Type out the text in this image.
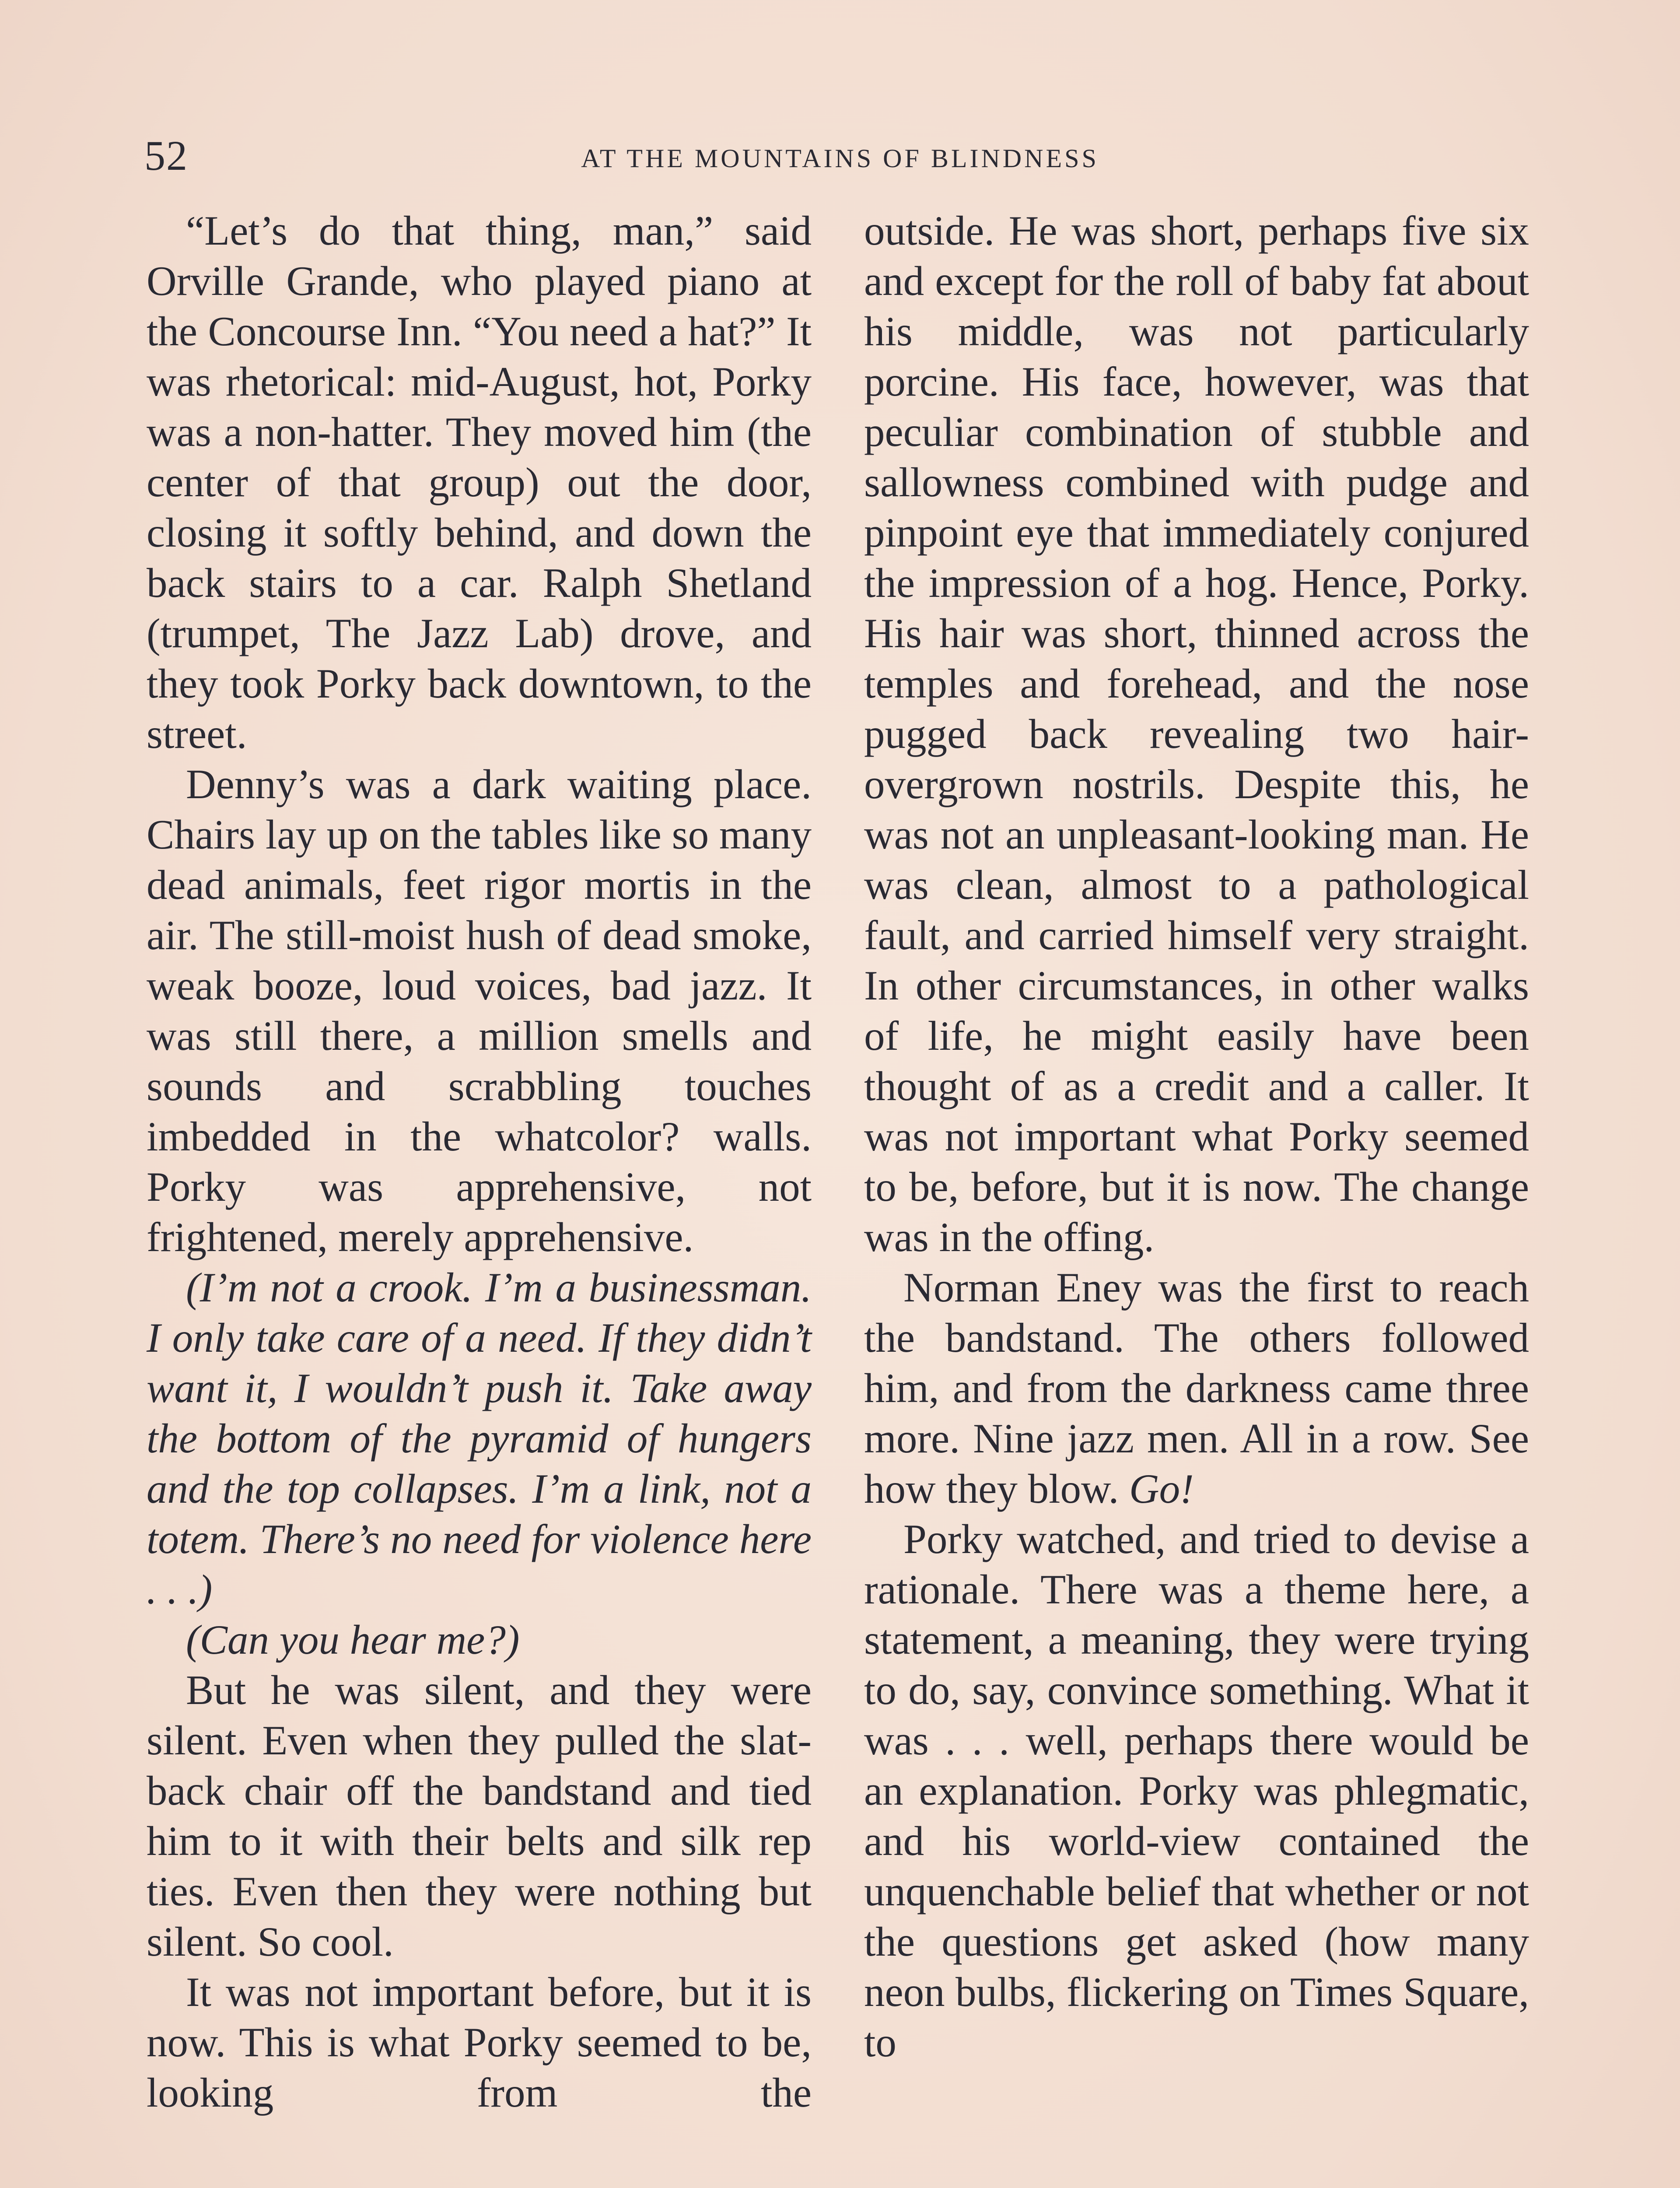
52	AT THE MOUNTAINS OF BLINDNESS

“Let’s do that thing, man,” said Orville Grande, who played piano at the Concourse Inn. “You need a hat?” It was rhetorical: mid-August, hot, Porky was a non-hatter. They moved him (the center of that group) out the door, closing it softly behind, and down the back stairs to a car. Ralph Shetland (trumpet, The Jazz Lab) drove, and they took Porky back downtown, to the street.

Denny’s was a dark waiting place. Chairs lay up on the tables like so many dead animals, feet rigor mortis in the air. The still-moist hush of dead smoke, weak booze, loud voices, bad jazz. It was still there, a million smells and sounds and scrabbling touches imbedded in the whatcolor? walls. Porky was apprehensive, not frightened, merely apprehensive.

(I’m not a crook. I’m a businessman. I only take care of a need. If they didn’t want it, I wouldn’t push it. Take away the bottom of the pyramid of hungers and the top collapses. I’m a link, not a totem. There’s no need for violence here . . .)

(Can you hear me?)

But he was silent, and they were silent. Even when they pulled the slat-back chair off the bandstand and tied him to it with their belts and silk rep ties. Even then they were nothing but silent. So cool.

It was not important before, but it is now. This is what Porky seemed to be, looking from the

outside. He was short, perhaps five six and except for the roll of baby fat about his middle, was not particularly porcine. His face, however, was that peculiar combination of stubble and sallowness combined with pudge and pinpoint eye that immediately conjured the impression of a hog. Hence, Porky. His hair was short, thinned across the temples and forehead, and the nose pugged back revealing two hair-overgrown nostrils. Despite this, he was not an unpleasant-looking man. He was clean, almost to a pathological fault, and carried himself very straight. In other circumstances, in other walks of life, he might easily have been thought of as a credit and a caller. It was not important what Porky seemed to be, before, but it is now. The change was in the offing.

Norman Eney was the first to reach the bandstand. The others followed him, and from the darkness came three more. Nine jazz men. All in a row. See how they blow. Go!

Porky watched, and tried to devise a rationale. There was a theme here, a statement, a meaning, they were trying to do, say, convince something. What it was . . . well, perhaps there would be an explanation. Porky was phlegmatic, and his world-view contained the unquenchable belief that whether or not the questions get asked (how many neon bulbs, flickering on Times Square, to
